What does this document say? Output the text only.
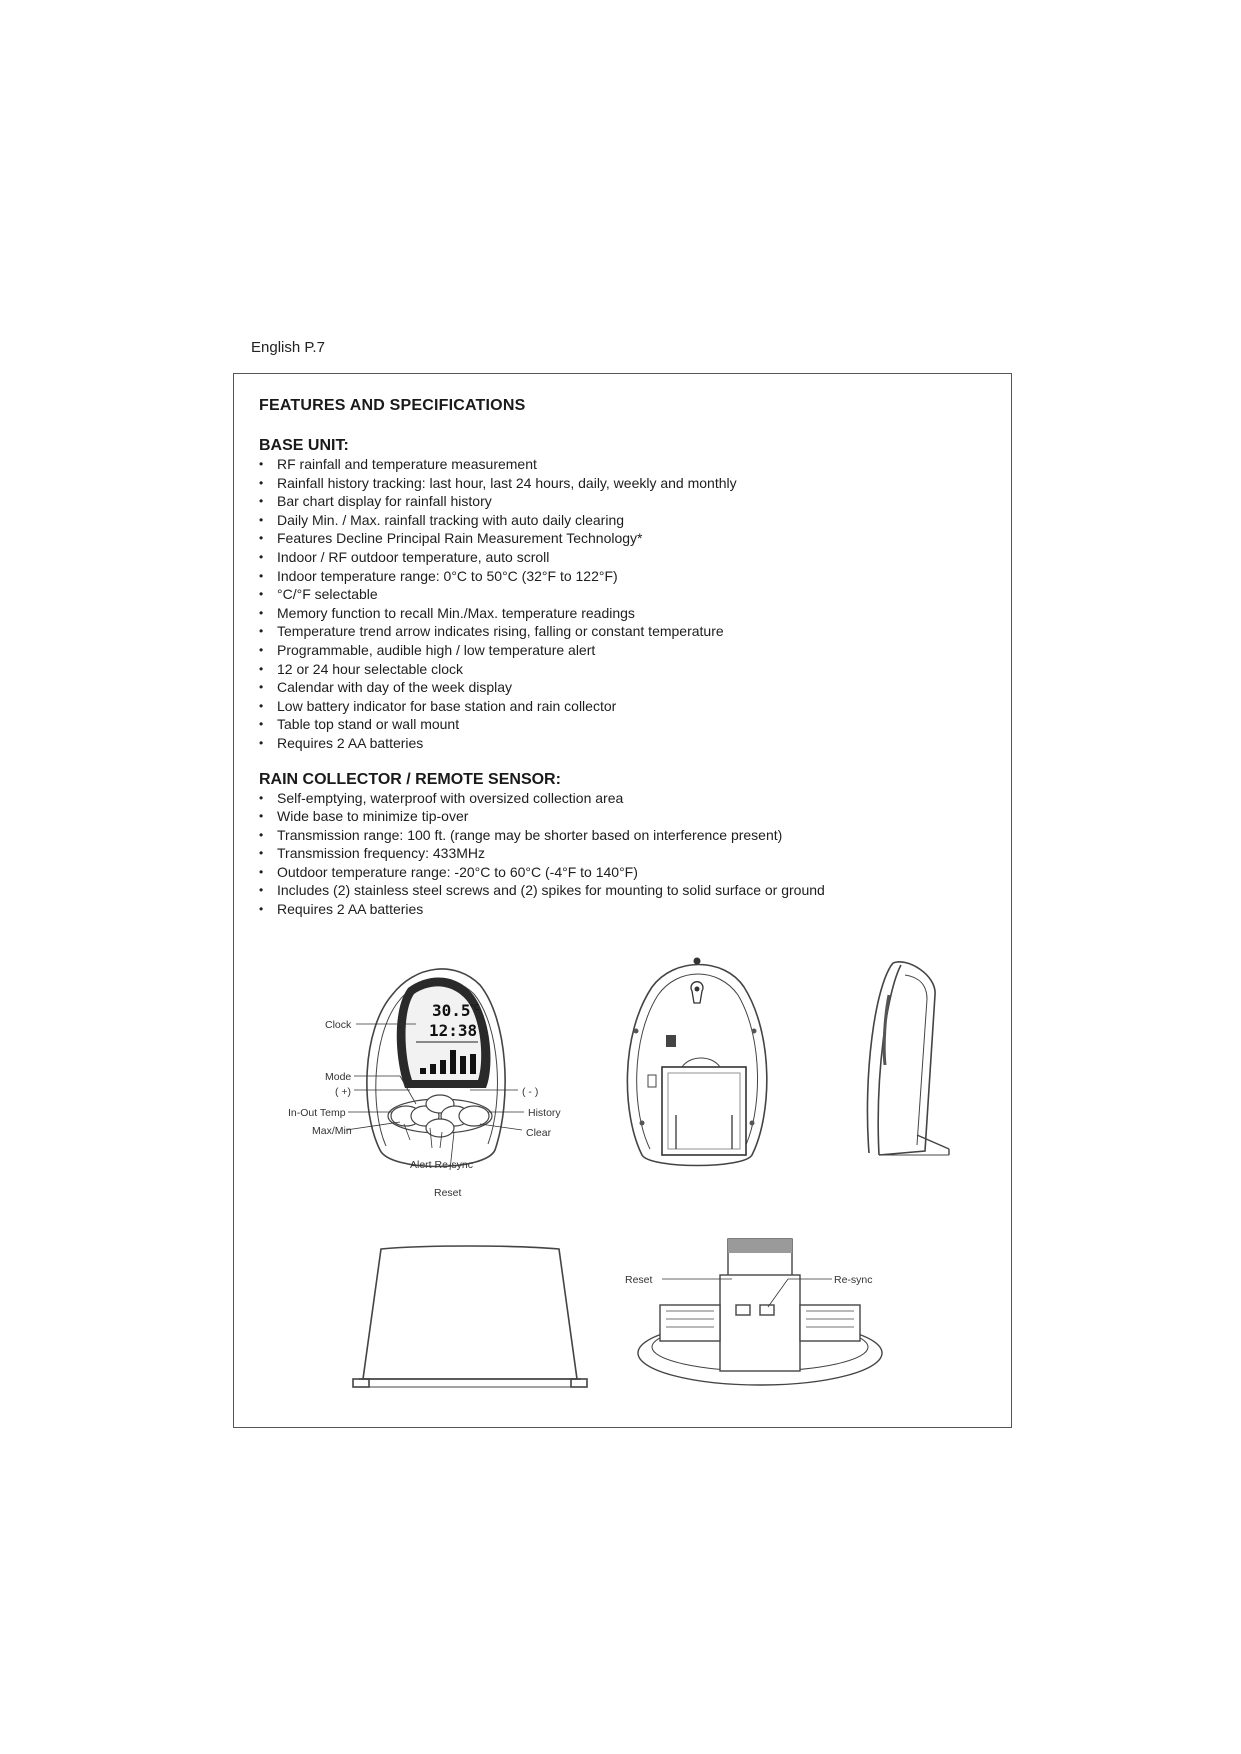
English P.7
FEATURES AND SPECIFICATIONS
BASE UNIT:
• RF rainfall and temperature measurement
• Rainfall history tracking: last hour, last 24 hours, daily, weekly and monthly
• Bar chart display for rainfall history
• Daily Min. / Max. rainfall tracking with auto daily clearing
• Features Decline Principal Rain Measurement Technology*
• Indoor / RF outdoor temperature, auto scroll
• Indoor temperature range: 0°C to 50°C (32°F to 122°F)
• °C/°F selectable
• Memory function to recall Min./Max. temperature readings
• Temperature trend arrow indicates rising, falling or constant temperature
• Programmable, audible high / low temperature alert
• 12 or 24 hour selectable clock
• Calendar with day of the week display
• Low battery indicator for base station and rain collector
• Table top stand or wall mount
• Requires 2 AA batteries
RAIN COLLECTOR / REMOTE SENSOR:
• Self-emptying, waterproof with oversized collection area
• Wide base to minimize tip-over
• Transmission range: 100 ft. (range may be shorter based on interference present)
• Transmission frequency: 433MHz
• Outdoor temperature range: -20°C to 60°C (-4°F to 140°F)
• Includes (2) stainless steel screws and (2) spikes for mounting to solid surface or ground
• Requires 2 AA batteries
30.5 °C
12:38
Clock
Mode
( +)	( - )
In-Out Temp	History
Max/Min	Clear
Alert Re-sync
Reset
Reset	Re-sync
